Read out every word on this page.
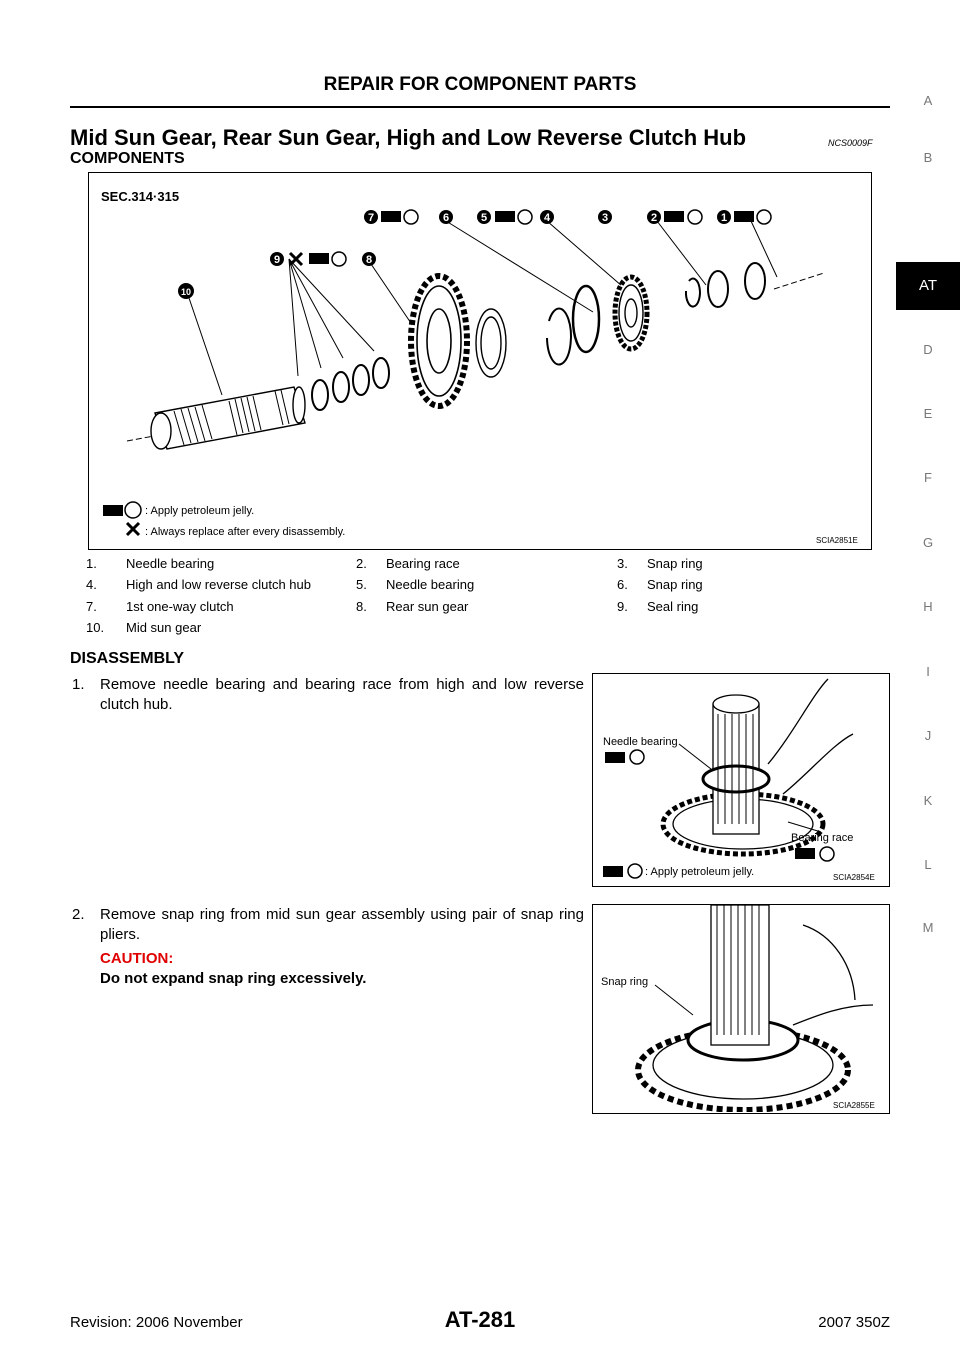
REPAIR FOR COMPONENT PARTS
Mid Sun Gear, Rear Sun Gear, High and Low Reverse Clutch Hub	NCS0009F
COMPONENTS
SEC.314·315
7	6	5	4	3	2	1
9	8
10
: Apply petroleum jelly.
: Always replace after every disassembly.
SCIA2851E
1. Needle bearing	2. Bearing race	3. Snap ring
4. High and low reverse clutch hub	5. Needle bearing	6. Snap ring
7. 1st one-way clutch	8. Rear sun gear	9. Seal ring
10. Mid sun gear
DISASSEMBLY
1. Remove needle bearing and bearing race from high and low reverse clutch hub.
2. Remove snap ring from mid sun gear assembly using pair of snap ring pliers.
CAUTION:
Do not expand snap ring excessively.
Needle bearing
Bearing race
: Apply petroleum jelly.	SCIA2854E
Snap ring
SCIA2855E
A
B
AT
D
E
F
G
H
I
J
K
L
M
Revision: 2006 November	AT-281	2007 350Z
